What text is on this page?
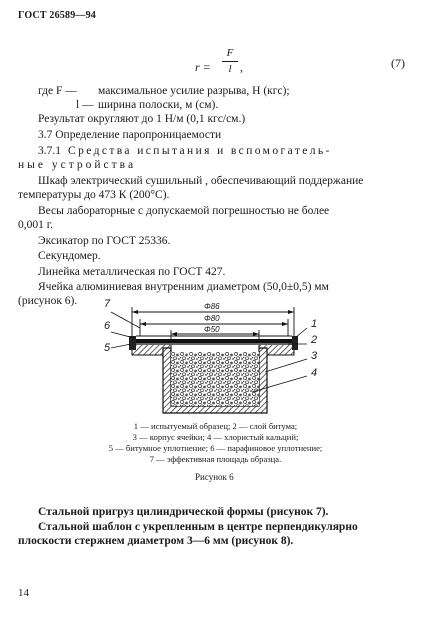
ГОСТ 26589—94
r =
F
l ,	(7)
где F — максимальное усилие разрыва, Н (кгс);
l — ширина полоски, м (см).
Результат округляют до 1 Н/м (0,1 кгс/см.)
3.7 Определение паропроницаемости
3.7.1 Средства испытания и вспомогатель-
ные устройства
Шкаф электрический сушильный , обеспечивающий поддержание
температуры до 473 К (200°С).
Весы лабораторные с допускаемой погрешностью не более
0,001 г.
Эксикатор по ГОСТ 25336.
Секундомер.
Линейка металлическая по ГОСТ 427.
Ячейка алюминиевая внутренним диаметром (50,0±0,5) мм
(рисунок 6). 7
6
5
1
2
3
4
Φ86
Φ80
Φ50
1 — испытуемый образец; 2 — слой битума;
3 — корпус ячейки; 4 — хлористый кальций;
5 — битумное уплотнение; 6 — парафиновое уплотнение;
7 — эффективная площадь образца.
Рисунок 6
Стальной пригруз цилиндрической формы (рисунок 7).
Стальной шаблон с укрепленным в центре перпендикулярно
плоскости стержнем диаметром 3—6 мм (рисунок 8).
14
